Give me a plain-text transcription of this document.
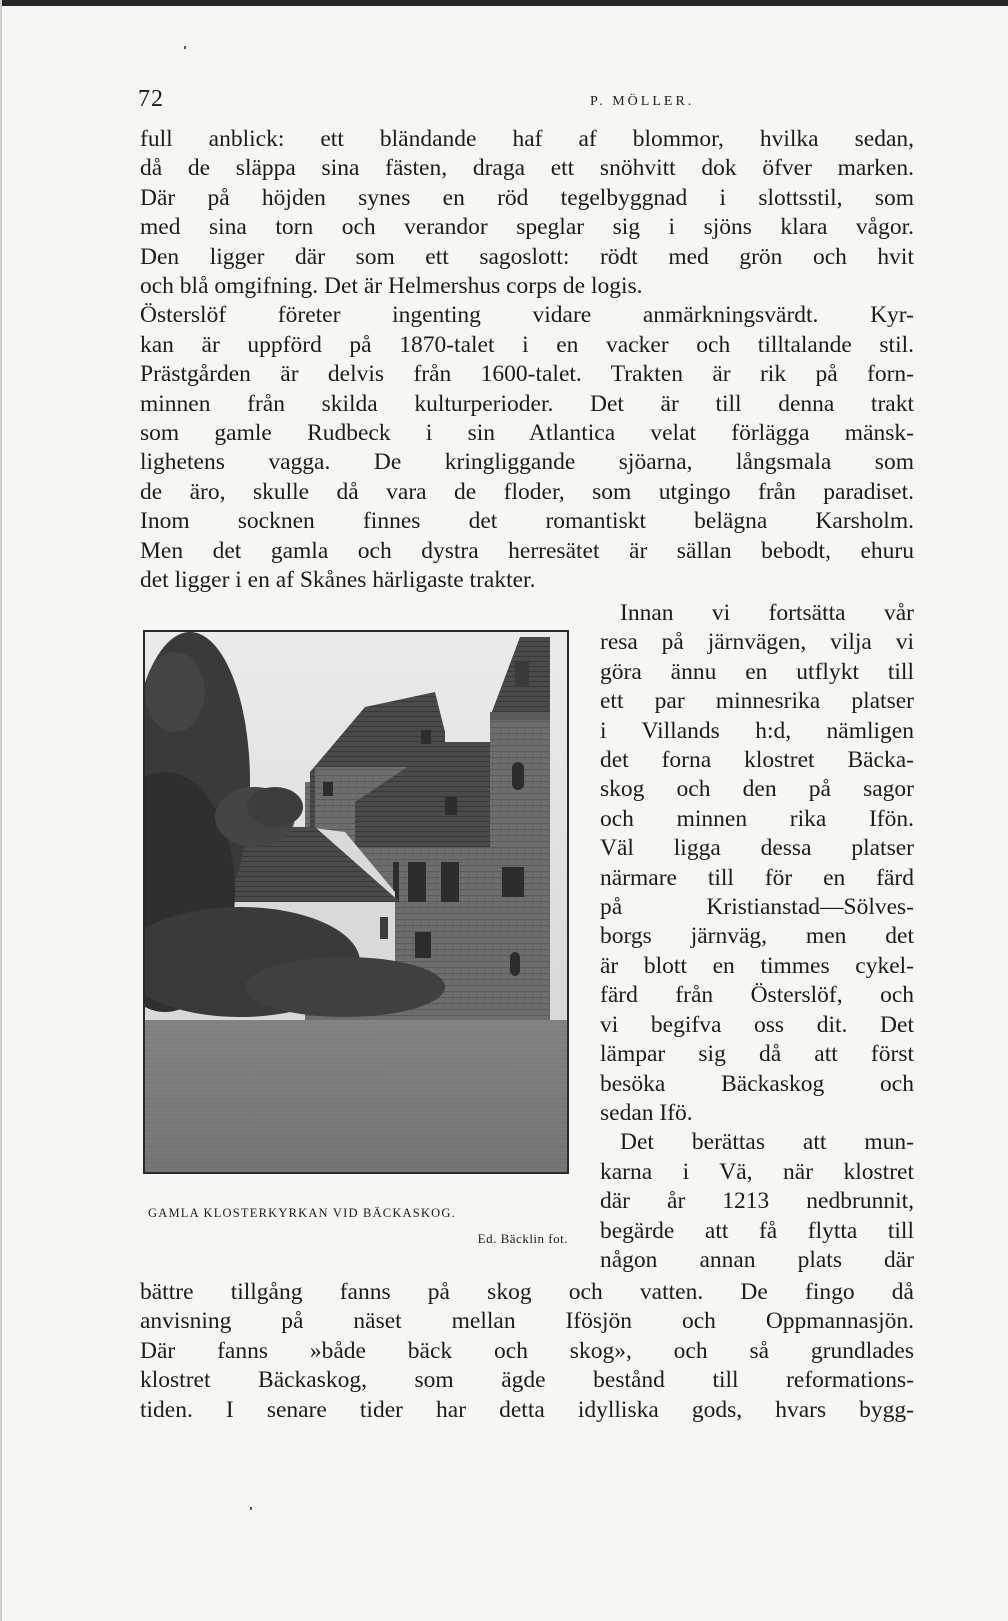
72	P. MÖLLER.
full anblick: ett bländande haf af blommor, hvilka sedan,
då de släppa sina fästen, draga ett snöhvitt dok öfver marken.
Där på höjden synes en röd tegelbyggnad i slottsstil, som
med sina torn och verandor speglar sig i sjöns klara vågor.
Den ligger där som ett sagoslott: rödt med grön och hvit
och blå omgifning. Det är Helmershus corps de logis.
Österslöf företer ingenting vidare anmärkningsvärdt. Kyr-
kan är uppförd på 1870-talet i en vacker och tilltalande stil.
Prästgården är delvis från 1600-talet. Trakten är rik på forn-
minnen från skilda kulturperioder. Det är till denna trakt
som gamle Rudbeck i sin Atlantica velat förlägga mänsk-
lighetens vagga. De kringliggande sjöarna, långsmala som
de äro, skulle då vara de floder, som utgingo från paradiset.
Inom socknen finnes det romantiskt belägna Karsholm.
Men det gamla och dystra herresätet är sällan bebodt, ehuru
det ligger i en af Skånes härligaste trakter.
GAMLA KLOSTERKYRKAN VID BÄCKASKOG.
Ed. Bäcklin fot.
Innan vi fortsätta vår
resa på järnvägen, vilja vi
göra ännu en utflykt till
ett par minnesrika platser
i Villands h:d, nämligen
det forna klostret Bäcka-
skog och den på sagor
och minnen rika Ifön.
Väl ligga dessa platser
närmare till för en färd
på Kristianstad—Sölves-
borgs järnväg, men det
är blott en timmes cykel-
färd från Österslöf, och
vi begifva oss dit. Det
lämpar sig då att först
besöka Bäckaskog och
sedan Ifö.
Det berättas att mun-
karna i Vä, när klostret
där år 1213 nedbrunnit,
begärde att få flytta till
någon annan plats där
bättre tillgång fanns på skog och vatten. De fingo då
anvisning på näset mellan Ifösjön och Oppmannasjön.
Där fanns »både bäck och skog», och så grundlades
klostret Bäckaskog, som ägde bestånd till reformations-
tiden. I senare tider har detta idylliska gods, hvars bygg-
